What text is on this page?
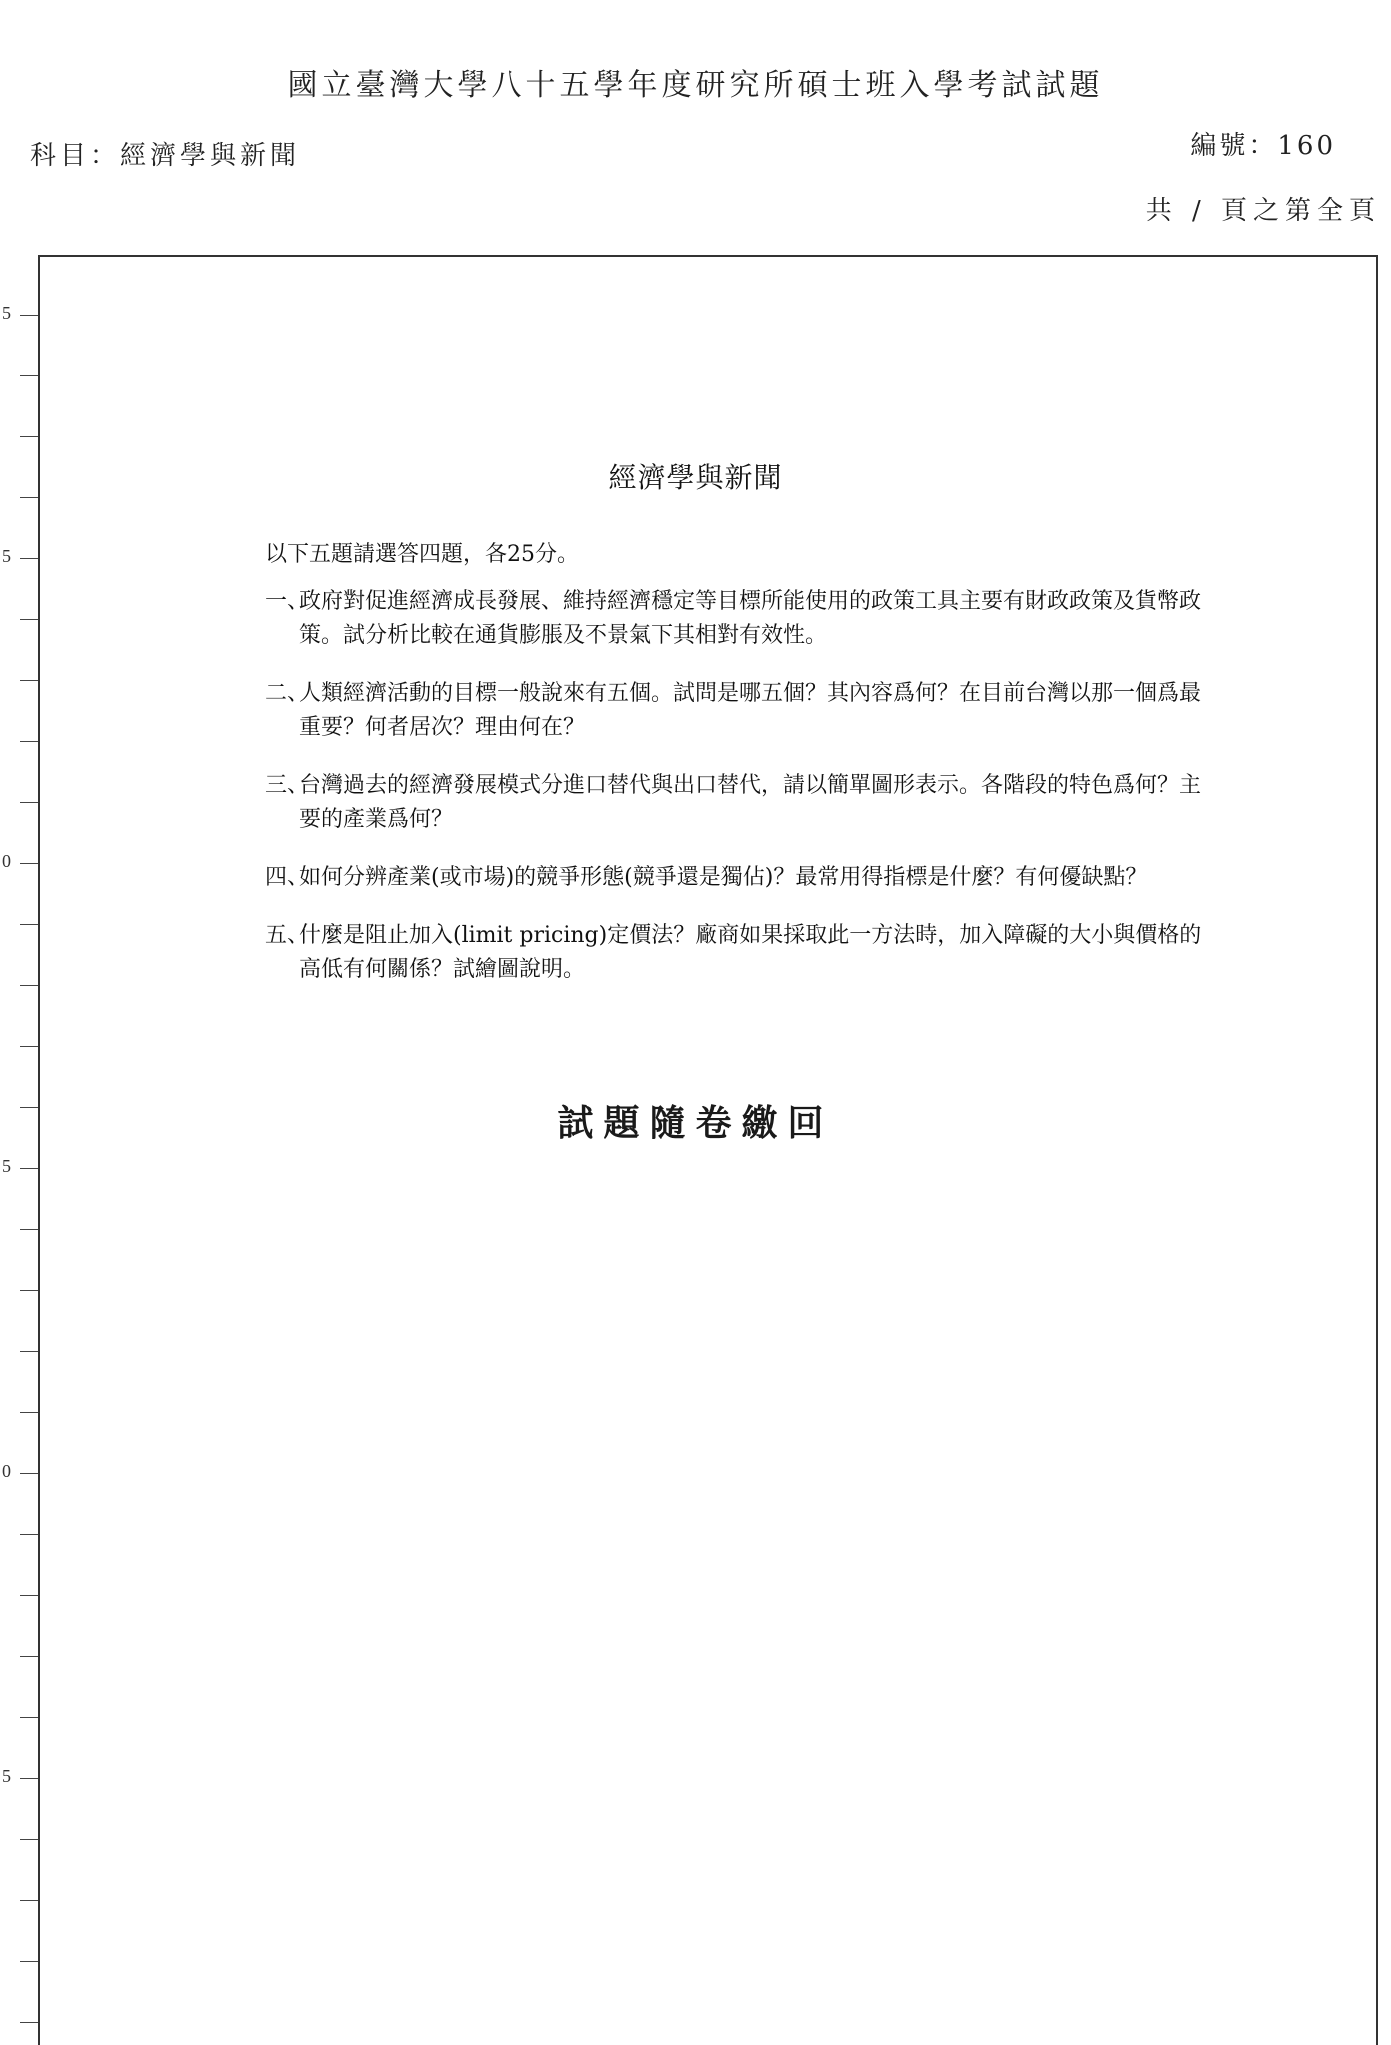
國立臺灣大學八十五學年度研究所碩士班入學考試試題
科目：經濟學與新聞	編號：160
共 / 頁之第全頁
5
5
0
5
0
5
經濟學與新聞
以下五題請選答四題，各25分。
一、
政府對促進經濟成長發展、維持經濟穩定等目標所能使用的政策工具主要有財政政策及貨幣政策。試分析比較在通貨膨脹及不景氣下其相對有效性。
二、
人類經濟活動的目標一般說來有五個。試問是哪五個？其內容爲何？在目前台灣以那一個爲最重要？何者居次？理由何在？
三、
台灣過去的經濟發展模式分進口替代與出口替代，請以簡單圖形表示。各階段的特色爲何？主要的產業爲何？
四、
如何分辨產業(或市場)的競爭形態(競爭還是獨佔)？最常用得指標是什麼？有何優缺點？
五、
什麼是阻止加入(limit pricing)定價法？廠商如果採取此一方法時，加入障礙的大小與價格的高低有何關係？試繪圖說明。
試題隨卷繳回
